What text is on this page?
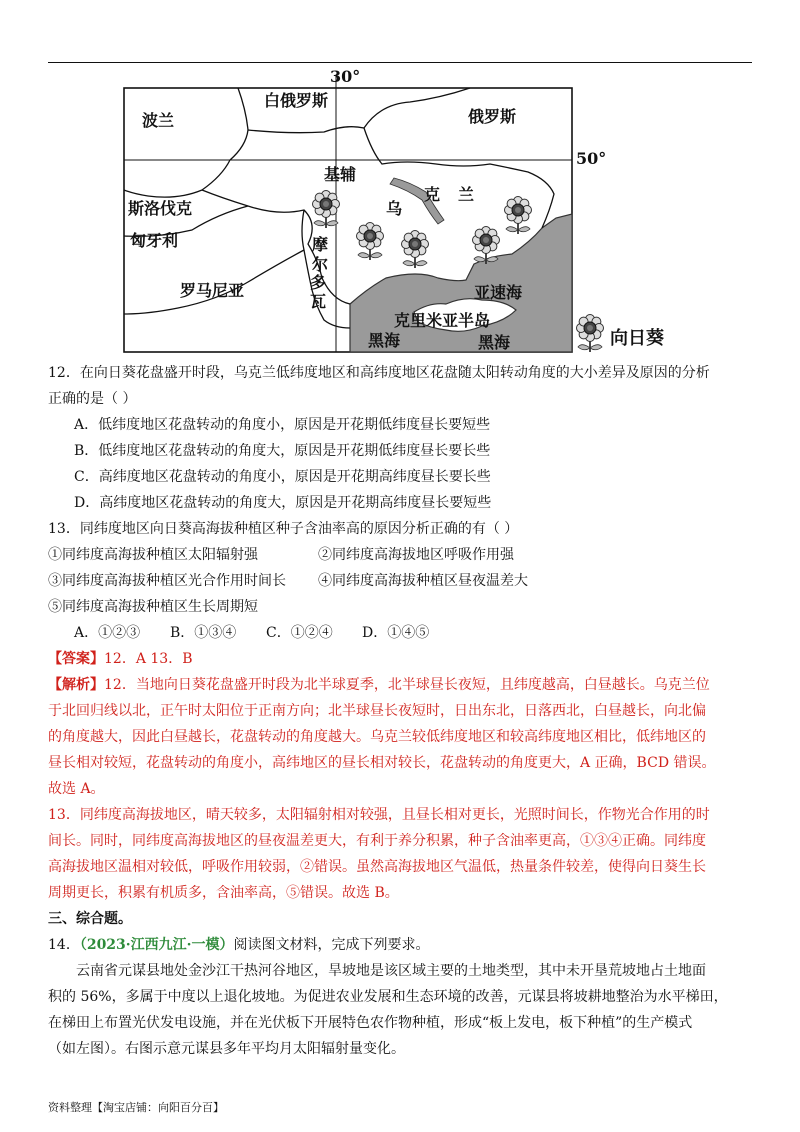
30°
50°
波兰
白俄罗斯
俄罗斯
基辅
斯洛伐克
匈牙利
罗马尼亚
摩
尔
多
瓦
乌
克 兰
亚速海
克里米亚半岛
黑海	黑海	向日葵
12．在向日葵花盘盛开时段，乌克兰低纬度地区和高纬度地区花盘随太阳转动角度的大小差异及原因的分析
正确的是（ ）
A．低纬度地区花盘转动的角度小，原因是开花期低纬度昼长要短些
B．低纬度地区花盘转动的角度大，原因是开花期低纬度昼长要长些
C．高纬度地区花盘转动的角度小，原因是开花期高纬度昼长要长些
D．高纬度地区花盘转动的角度大，原因是开花期高纬度昼长要短些
13．同纬度地区向日葵高海拔种植区种子含油率高的原因分析正确的有（ ）
①同纬度高海拔种植区太阳辐射强	②同纬度高海拔地区呼吸作用强
③同纬度高海拔种植区光合作用时间长	④同纬度高海拔种植区昼夜温差大
⑤同纬度高海拔种植区生长周期短
A．①②③	B．①③④	C．①②④	D．①④⑤
【答案】12．A 13．B
【解析】12．当地向日葵花盘盛开时段为北半球夏季，北半球昼长夜短，且纬度越高，白昼越长。乌克兰位
于北回归线以北，正午时太阳位于正南方向；北半球昼长夜短时，日出东北，日落西北，白昼越长，向北偏
的角度越大，因此白昼越长，花盘转动的角度越大。乌克兰较低纬度地区和较高纬度地区相比，低纬地区的
昼长相对较短，花盘转动的角度小，高纬地区的昼长相对较长，花盘转动的角度更大，A 正确，BCD 错误。
故选 A。
13．同纬度高海拔地区，晴天较多，太阳辐射相对较强，且昼长相对更长，光照时间长，作物光合作用的时
间长。同时，同纬度高海拔地区的昼夜温差更大，有利于养分积累，种子含油率更高，①③④正确。同纬度
高海拔地区温相对较低，呼吸作用较弱，②错误。虽然高海拔地区气温低，热量条件较差，使得向日葵生长
周期更长，积累有机质多，含油率高，⑤错误。故选 B。
三、综合题。
14．（2023·江西九江·一模）阅读图文材料，完成下列要求。
云南省元谋县地处金沙江干热河谷地区，旱坡地是该区域主要的土地类型，其中未开垦荒坡地占土地面
积的 56%，多属于中度以上退化坡地。为促进农业发展和生态环境的改善，元谋县将坡耕地整治为水平梯田，
在梯田上布置光伏发电设施，并在光伏板下开展特色农作物种植，形成“板上发电，板下种植”的生产模式
（如左图）。右图示意元谋县多年平均月太阳辐射量变化。
资料整理【淘宝店铺：向阳百分百】
